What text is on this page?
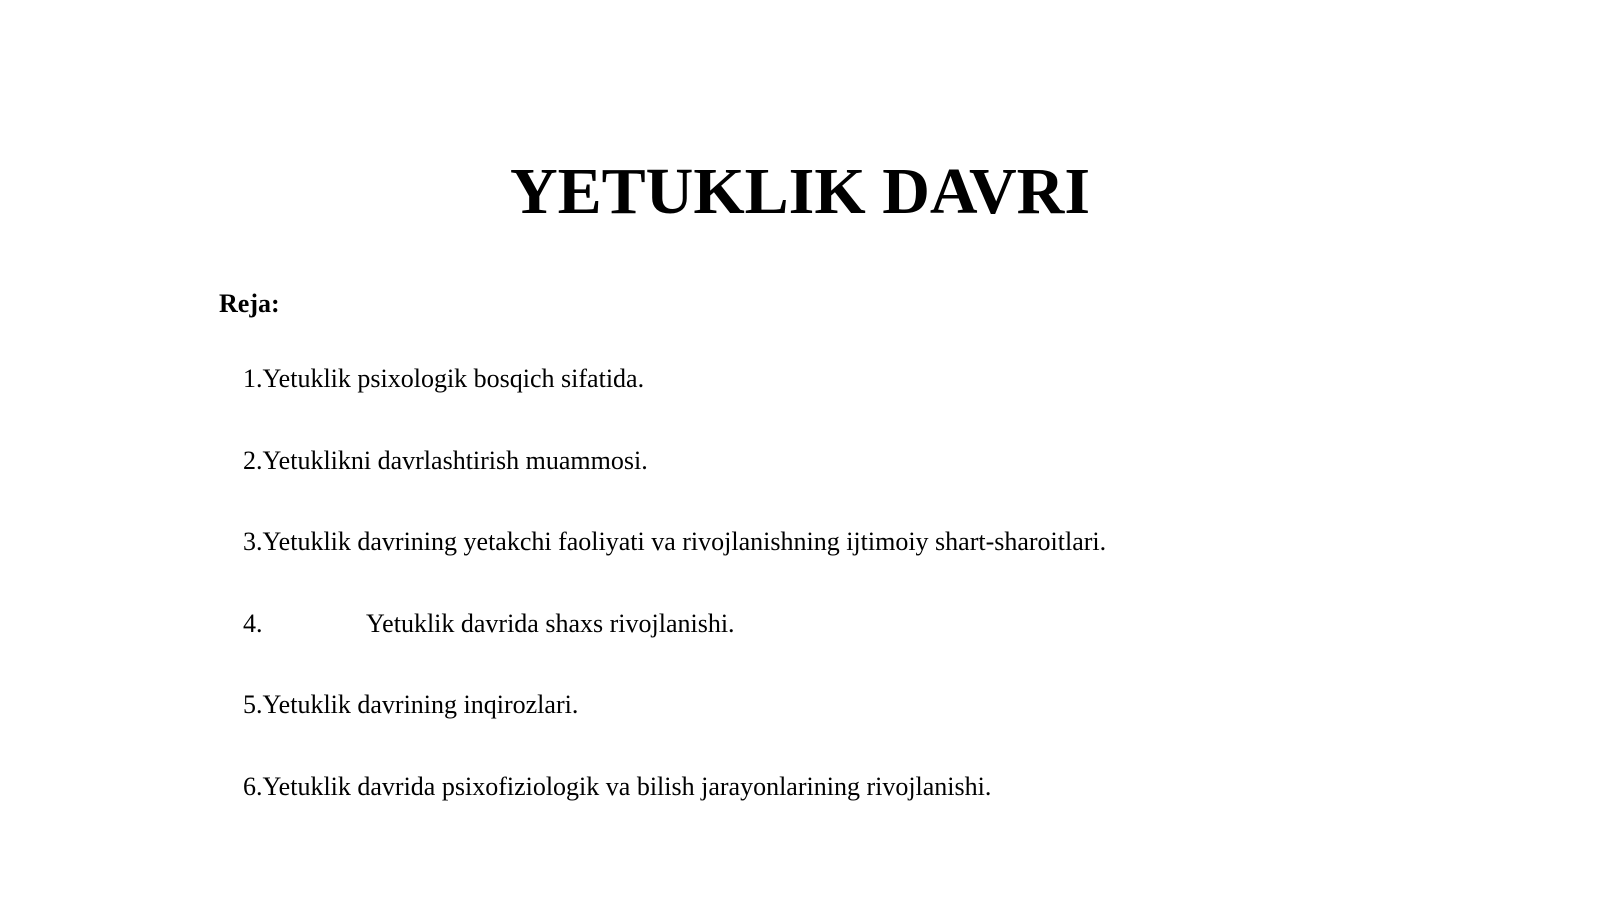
YETUKLIK DAVRI
Reja:
1.Yetuklik psixologik bosqich sifatida.
2.Yetuklikni davrlashtirish muammosi.
3.Yetuklik davrining yetakchi faoliyati va rivojlanishning ijtimoiy shart-sharoitlari.
4.	Yetuklik davrida shaxs rivojlanishi.
5.Yetuklik davrining inqirozlari.
6.Yetuklik davrida psixofiziologik va bilish jarayonlarining rivojlanishi.
